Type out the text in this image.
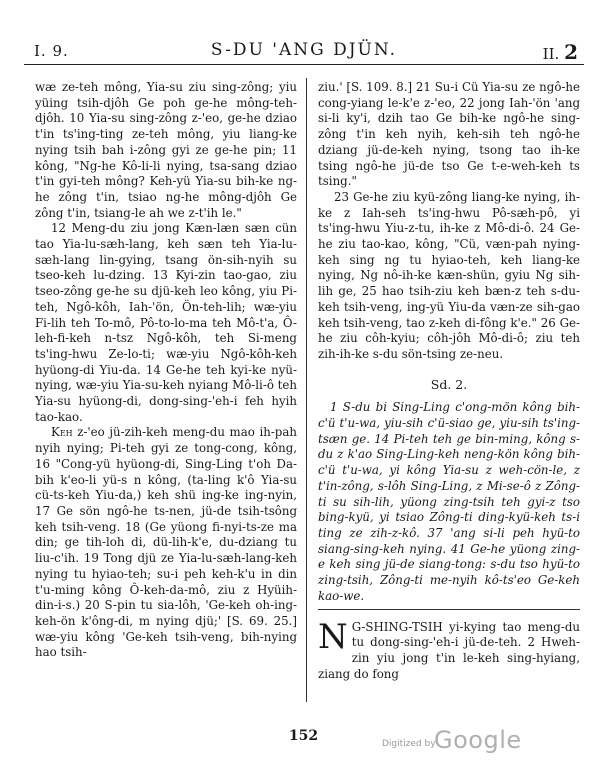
I. 9.	S-DU 'ANG DJÜN.	II. 2

wæ ze-teh mông, Yia-su ziu sing-zông; yiu yüing tsih-djôh Ge poh ge-he mông-teh-djôh. 10 Yia-su sing-zông z-'eo, ge-he dziao t'in ts'ing-ting ze-teh mông, yiu liang-ke nying tsih bah i-zông gyi ze ge-he pin; 11 kông, "Ng-he Kô-li-li nying, tsa-sang dziao t'in gyi-teh mông? Keh-yü Yia-su bih-ke ng-he zông t'in, tsiao ng-he mông-djôh Ge zông t'in, tsiang-le ah we z-t'ih le."

12 Meng-du ziu jong Kæn-læn sæn cün tao Yia-lu-sæh-lang, keh sæn teh Yia-lu-sæh-lang lin-gying, tsang ön-sih-nyih su tseo-keh lu-dzing. 13 Kyi-zin tao-gao, ziu tseo-zông ge-he su djü-keh leo kông, yiu Pi-teh, Ngô-kôh, Iah-'ön, Ön-teh-lih; wæ-yiu Fi-lih teh To-mô, Pô-to-lo-ma teh Mô-t'a, Ô-leh-fi-keh n-tsz Ngô-kôh, teh Si-meng ts'ing-hwu Ze-lo-ti; wæ-yiu Ngô-kôh-keh hyüong-di Yiu-da. 14 Ge-he teh kyi-ke nyü-nying, wæ-yiu Yia-su-keh nyiang Mô-li-ô teh Yia-su hyüong-di, dong-sing-'eh-i feh hyih tao-kao.

Keh z-'eo jü-zih-keh meng-du mao ih-pah nyih nying; Pi-teh gyi ze tong-cong, kông, 16 "Cong-yü hyüong-di, Sing-Ling t'oh Da-bih k'eo-li yü-s n kông, (ta-ling k'ô Yia-su cü-ts-keh Yiu-da,) keh shü ing-ke ing-nyin, 17 Ge sön ngô-he ts-nen, jü-de tsih-tsông keh tsih-veng. 18 (Ge yüong fi-nyi-ts-ze ma din; ge tih-loh di, dü-lih-k'e, du-dziang tu liu-c'ih. 19 Tong djü ze Yia-lu-sæh-lang-keh nying tu hyiao-teh; su-i peh keh-k'u in din t'u-ming kông Ô-keh-da-mô, ziu z Hyüih-din-i-s.) 20 S-pin tu sia-lôh, 'Ge-keh oh-ing-keh-ön k'ông-di, m nying djü;' [S. 69. 25.] wæ-yiu kông 'Ge-keh tsih-veng, bih-nying hao tsih-

ziu.' [S. 109. 8.] 21 Su-i Cü Yia-su ze ngô-he cong-yiang le-k'e z-'eo, 22 jong Iah-'ön 'ang si-li ky'i, dzih tao Ge bih-ke ngô-he sing-zông t'in keh nyih, keh-sih teh ngô-he dziang jü-de-keh nying, tsong tao ih-ke tsing ngô-he jü-de tso Ge t-e-weh-keh ts tsing."

23 Ge-he ziu kyü-zông liang-ke nying, ih-ke z Iah-seh ts'ing-hwu Pô-sæh-pô, yi ts'ing-hwu Yiu-z-tu, ih-ke z Mô-di-ô. 24 Ge-he ziu tao-kao, kông, "Cü, væn-pah nying-keh sing ng tu hyiao-teh, keh liang-ke nying, Ng nô-ih-ke kæn-shün, gyiu Ng sih-lih ge, 25 hao tsih-ziu keh bæn-z teh s-du-keh tsih-veng, ing-yü Yiu-da væn-ze sih-gao keh tsih-veng, tao z-keh di-fông k'e." 26 Ge-he ziu côh-kyiu; côh-jôh Mô-di-ô; ziu teh zih-ih-ke s-du sön-tsing ze-neu.

Sd. 2.

1 S-du bi Sing-Ling c'ong-mön kông bih-c'ü t'u-wa, yiu-sih c'ü-siao ge, yiu-sih ts'ing-tsæn ge. 14 Pi-teh teh ge bin-ming, kông s-du z k'ao Sing-Ling-keh neng-kön kông bih-c'ü t'u-wa, yi kông Yia-su z weh-cön-le, z t'in-zông, s-lôh Sing-Ling, z Mi-se-ô z Zông-ti su sih-lih, yüong zing-tsih teh gyi-z tso bing-kyü, yi tsiao Zông-ti ding-kyü-keh ts-i ting ze zih-z-kô. 37 'ang si-li peh hyü-to siang-sing-keh nying. 41 Ge-he yüong zing-e keh sing jü-de siang-tong: s-du tso hyü-to zing-tsih, Zông-ti me-nyih kô-ts'eo Ge-keh kao-we.

N G-SHING-TSIH yi-kying tao meng-du tu dong-sing-'eh-i jü-de-teh. 2 Hweh-zin yiu jong t'in le-keh sing-hyiang, ziang do fong

152	Digitized by
Google
